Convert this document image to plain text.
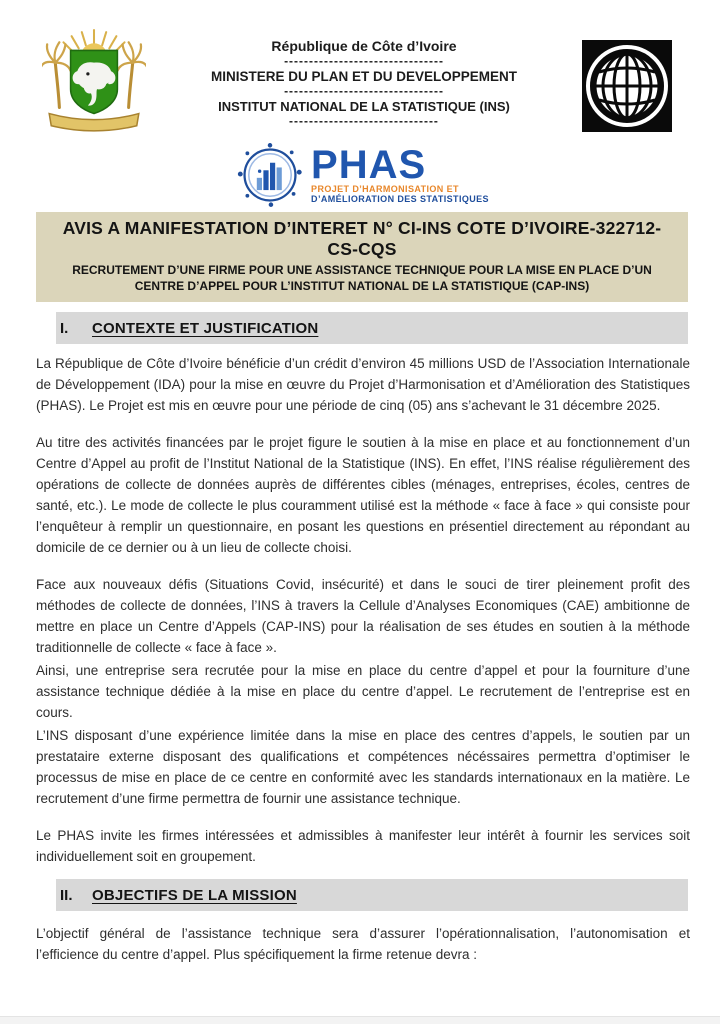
République de Côte d’Ivoire
--------------------------------
MINISTERE DU PLAN ET DU DEVELOPPEMENT
--------------------------------
INSTITUT NATIONAL DE LA STATISTIQUE (INS)
------------------------------
PHAS
PROJET D’HARMONISATION ET
D’AMÉLIORATION DES STATISTIQUES
AVIS A MANIFESTATION D’INTERET N° CI-INS COTE D’IVOIRE-322712-CS-CQS
RECRUTEMENT D’UNE FIRME POUR UNE ASSISTANCE TECHNIQUE POUR LA MISE EN PLACE D’UN CENTRE D’APPEL POUR L’INSTITUT NATIONAL DE LA STATISTIQUE (CAP-INS)
I.	CONTEXTE ET JUSTIFICATION

La République de Côte d’Ivoire bénéficie d’un crédit d’environ 45 millions USD de l’Association Internationale de Développement (IDA) pour la mise en œuvre du Projet d’Harmonisation et d’Amélioration des Statistiques (PHAS). Le Projet est mis en œuvre pour une période de cinq (05) ans s’achevant le 31 décembre 2025.

Au titre des activités financées par le projet figure le soutien à la mise en place et au fonctionnement d’un Centre d’Appel au profit de l’Institut National de la Statistique (INS). En effet, l’INS réalise régulièrement des opérations de collecte de données auprès de différentes cibles (ménages, entreprises, écoles, centres de santé, etc.). Le mode de collecte le plus couramment utilisé est la méthode « face à face » qui consiste pour l’enquêteur à remplir un questionnaire, en posant les questions en présentiel directement au répondant au domicile de ce dernier ou à un lieu de collecte choisi.

Face aux nouveaux défis (Situations Covid, insécurité) et dans le souci de tirer pleinement profit des méthodes de collecte de données, l’INS à travers la Cellule d’Analyses Economiques (CAE) ambitionne de mettre en place un Centre d’Appels (CAP-INS) pour la réalisation de ses études en soutien à la méthode traditionnelle de collecte « face à face ».

Ainsi, une entreprise sera recrutée pour la mise en place du centre d’appel et pour la fourniture d’une assistance technique dédiée à la mise en place du centre d’appel. Le recrutement de l’entreprise est en cours.

L’INS disposant d’une expérience limitée dans la mise en place des centres d’appels, le soutien par un prestataire externe disposant des qualifications et compétences nécéssaires permettra d’optimiser le processus de mise en place de ce centre en conformité avec les standards internationaux en la matière. Le recrutement d’une firme permettra de fournir une assistance technique.

Le PHAS invite les firmes intéressées et admissibles à manifester leur intérêt à fournir les services soit individuellement soit en groupement.

II.	OBJECTIFS DE LA MISSION

L’objectif général de l’assistance technique sera d’assurer l’opérationnalisation, l’autonomisation et l’efficience du centre d’appel. Plus spécifiquement la firme retenue devra :
